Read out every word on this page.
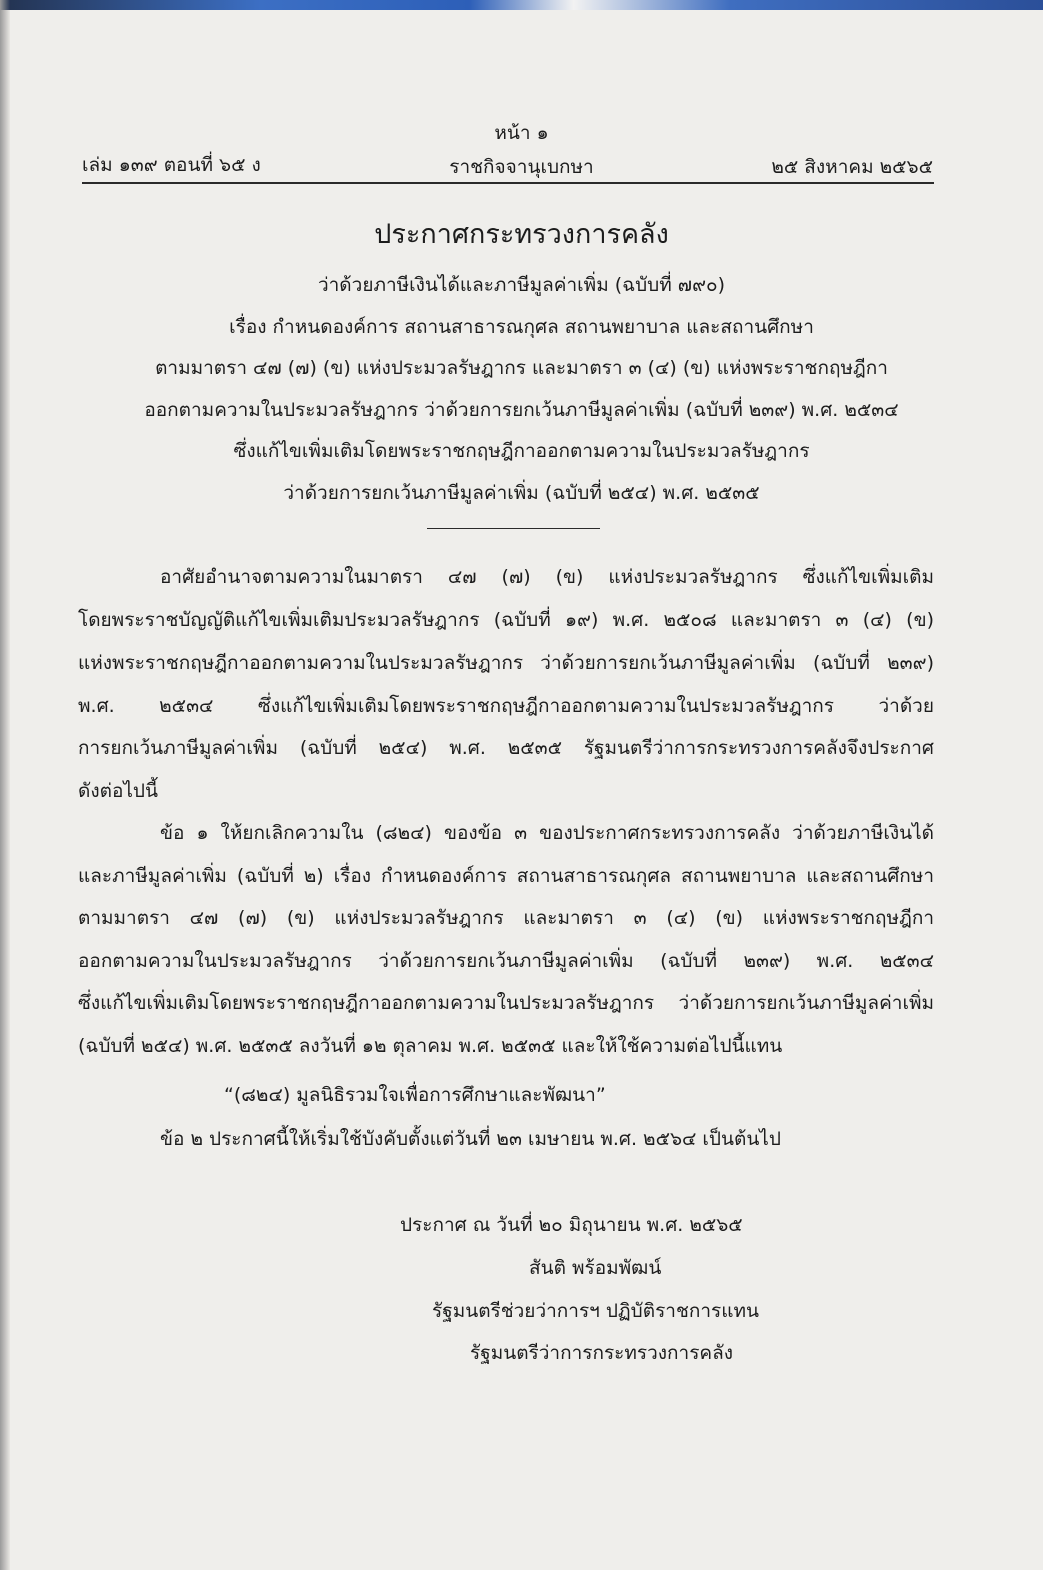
หน้า ๑
เล่ม ๑๓๙ ตอนที่ ๖๕ ง	ราชกิจจานุเบกษา	๒๕ สิงหาคม ๒๕๖๕
ประกาศกระทรวงการคลัง
ว่าด้วยภาษีเงินได้และภาษีมูลค่าเพิ่ม (ฉบับที่ ๗๙๐)
เรื่อง กำหนดองค์การ สถานสาธารณกุศล สถานพยาบาล และสถานศึกษา
ตามมาตรา ๔๗ (๗) (ข) แห่งประมวลรัษฎากร และมาตรา ๓ (๔) (ข) แห่งพระราชกฤษฎีกา
ออกตามความในประมวลรัษฎากร ว่าด้วยการยกเว้นภาษีมูลค่าเพิ่ม (ฉบับที่ ๒๓๙) พ.ศ. ๒๕๓๔
ซึ่งแก้ไขเพิ่มเติมโดยพระราชกฤษฎีกาออกตามความในประมวลรัษฎากร
ว่าด้วยการยกเว้นภาษีมูลค่าเพิ่ม (ฉบับที่ ๒๕๔) พ.ศ. ๒๕๓๕
อาศัยอำนาจตามความในมาตรา ๔๗ (๗) (ข) แห่งประมวลรัษฎากร ซึ่งแก้ไขเพิ่มเติม
โดยพระราชบัญญัติแก้ไขเพิ่มเติมประมวลรัษฎากร (ฉบับที่ ๑๙) พ.ศ. ๒๕๐๘ และมาตรา ๓ (๔) (ข)
แห่งพระราชกฤษฎีกาออกตามความในประมวลรัษฎากร ว่าด้วยการยกเว้นภาษีมูลค่าเพิ่ม (ฉบับที่ ๒๓๙)
พ.ศ. ๒๕๓๔ ซึ่งแก้ไขเพิ่มเติมโดยพระราชกฤษฎีกาออกตามความในประมวลรัษฎากร ว่าด้วย
การยกเว้นภาษีมูลค่าเพิ่ม (ฉบับที่ ๒๕๔) พ.ศ. ๒๕๓๕ รัฐมนตรีว่าการกระทรวงการคลังจึงประกาศ
ดังต่อไปนี้
ข้อ ๑ ให้ยกเลิกความใน (๘๒๔) ของข้อ ๓ ของประกาศกระทรวงการคลัง ว่าด้วยภาษีเงินได้
และภาษีมูลค่าเพิ่ม (ฉบับที่ ๒) เรื่อง กำหนดองค์การ สถานสาธารณกุศล สถานพยาบาล และสถานศึกษา
ตามมาตรา ๔๗ (๗) (ข) แห่งประมวลรัษฎากร และมาตรา ๓ (๔) (ข) แห่งพระราชกฤษฎีกา
ออกตามความในประมวลรัษฎากร ว่าด้วยการยกเว้นภาษีมูลค่าเพิ่ม (ฉบับที่ ๒๓๙) พ.ศ. ๒๕๓๔
ซึ่งแก้ไขเพิ่มเติมโดยพระราชกฤษฎีกาออกตามความในประมวลรัษฎากร ว่าด้วยการยกเว้นภาษีมูลค่าเพิ่ม
(ฉบับที่ ๒๕๔) พ.ศ. ๒๕๓๕ ลงวันที่ ๑๒ ตุลาคม พ.ศ. ๒๕๓๕ และให้ใช้ความต่อไปนี้แทน
“(๘๒๔) มูลนิธิรวมใจเพื่อการศึกษาและพัฒนา”
ข้อ ๒ ประกาศนี้ให้เริ่มใช้บังคับตั้งแต่วันที่ ๒๓ เมษายน พ.ศ. ๒๕๖๔ เป็นต้นไป
ประกาศ ณ วันที่ ๒๐ มิถุนายน พ.ศ. ๒๕๖๕
สันติ พร้อมพัฒน์
รัฐมนตรีช่วยว่าการฯ ปฏิบัติราชการแทน
รัฐมนตรีว่าการกระทรวงการคลัง
